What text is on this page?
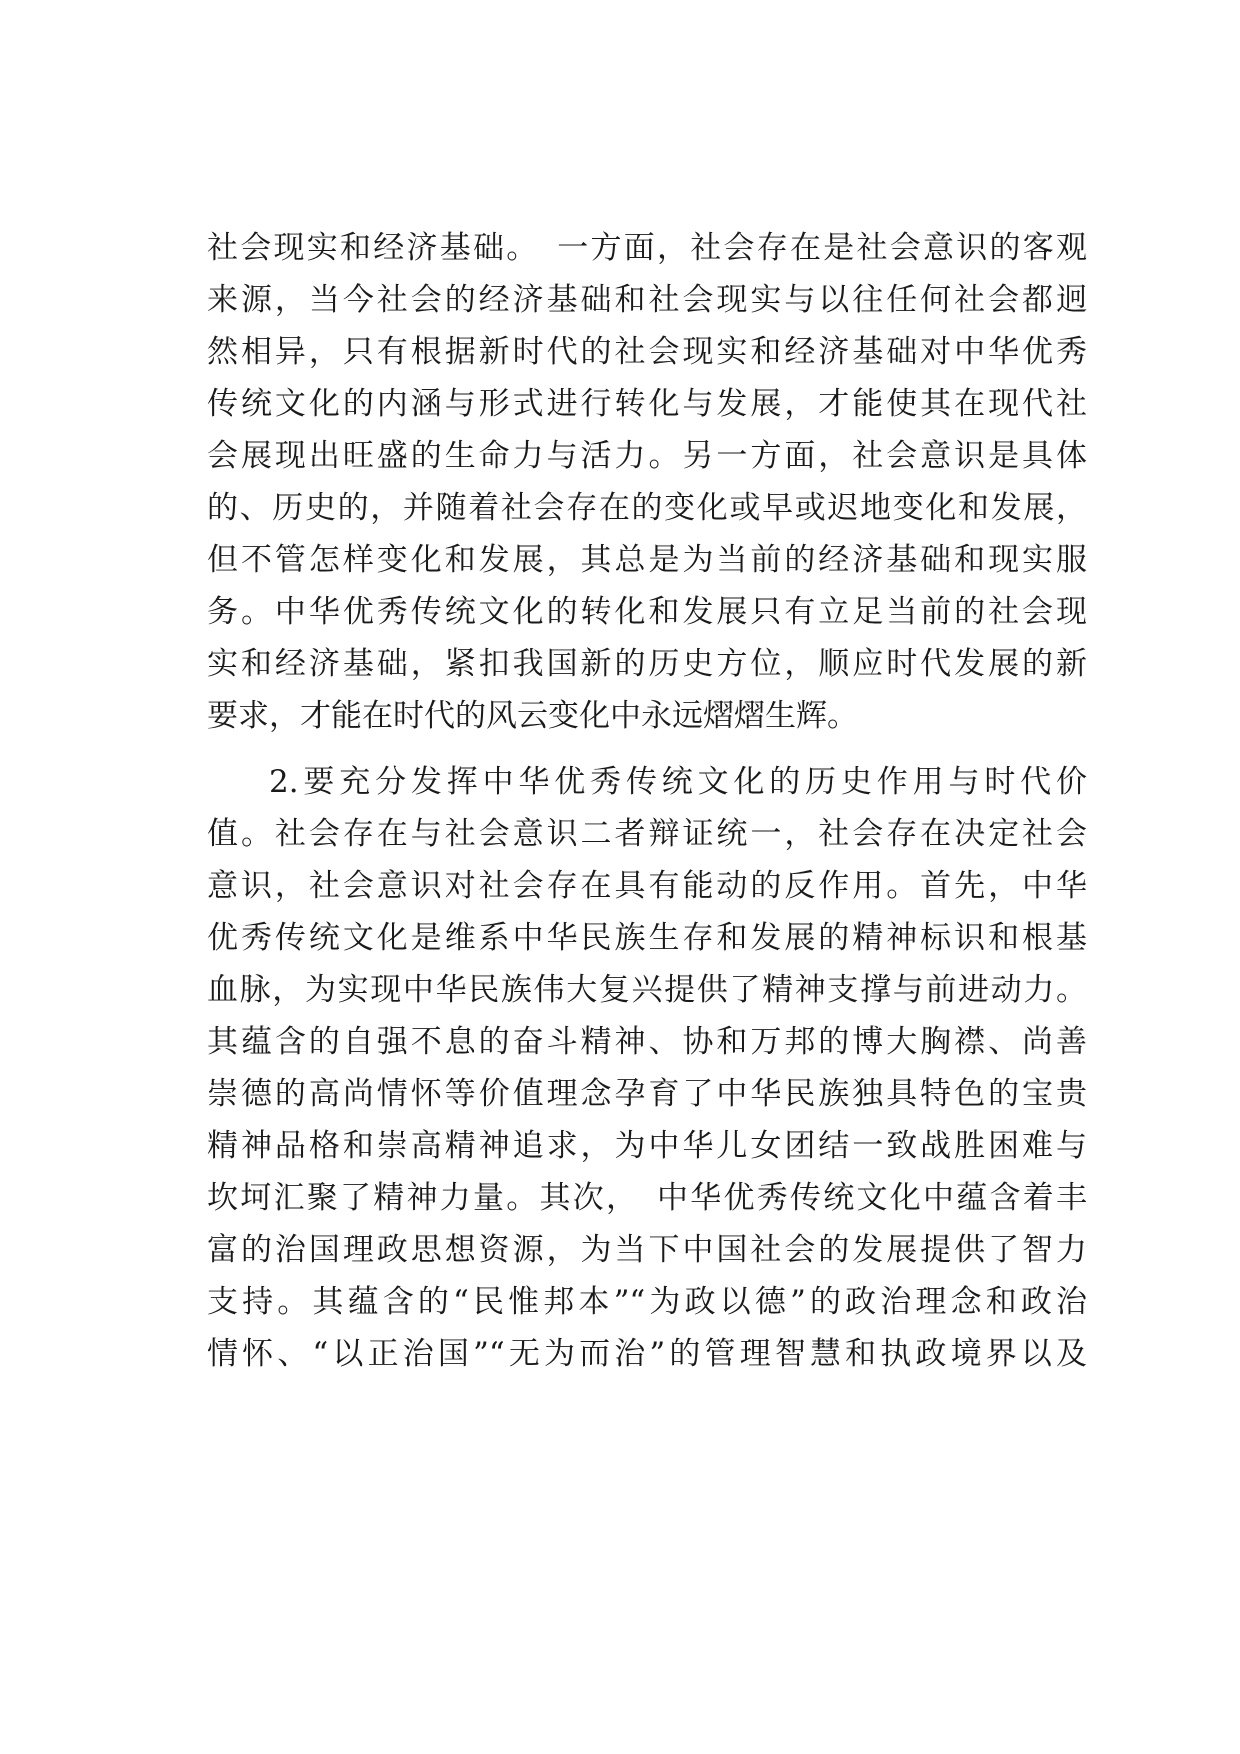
社会现实和经济基础。　一方面，社会存在是社会意识的客观
来源，当今社会的经济基础和社会现实与以往任何社会都迥
然相异，只有根据新时代的社会现实和经济基础对中华优秀
传统文化的内涵与形式进行转化与发展，才能使其在现代社
会展现出旺盛的生命力与活力。另一方面，社会意识是具体
的、历史的，并随着社会存在的变化或早或迟地变化和发展，
但不管怎样变化和发展，其总是为当前的经济基础和现实服
务。中华优秀传统文化的转化和发展只有立足当前的社会现
实和经济基础，紧扣我国新的历史方位，顺应时代发展的新
要求，才能在时代的风云变化中永远熠熠生辉。
2.要充分发挥中华优秀传统文化的历史作用与时代价
值。社会存在与社会意识二者辩证统一，社会存在决定社会
意识，社会意识对社会存在具有能动的反作用。首先，中华
优秀传统文化是维系中华民族生存和发展的精神标识和根基
血脉，为实现中华民族伟大复兴提供了精神支撑与前进动力。
其蕴含的自强不息的奋斗精神、协和万邦的博大胸襟、尚善
崇德的高尚情怀等价值理念孕育了中华民族独具特色的宝贵
精神品格和崇高精神追求，为中华儿女团结一致战胜困难与
坎坷汇聚了精神力量。其次，　中华优秀传统文化中蕴含着丰
富的治国理政思想资源，为当下中国社会的发展提供了智力
支持。其蕴含的“民惟邦本”“为政以德”的政治理念和政治
情怀、“以正治国”“无为而治”的管理智慧和执政境界以及
